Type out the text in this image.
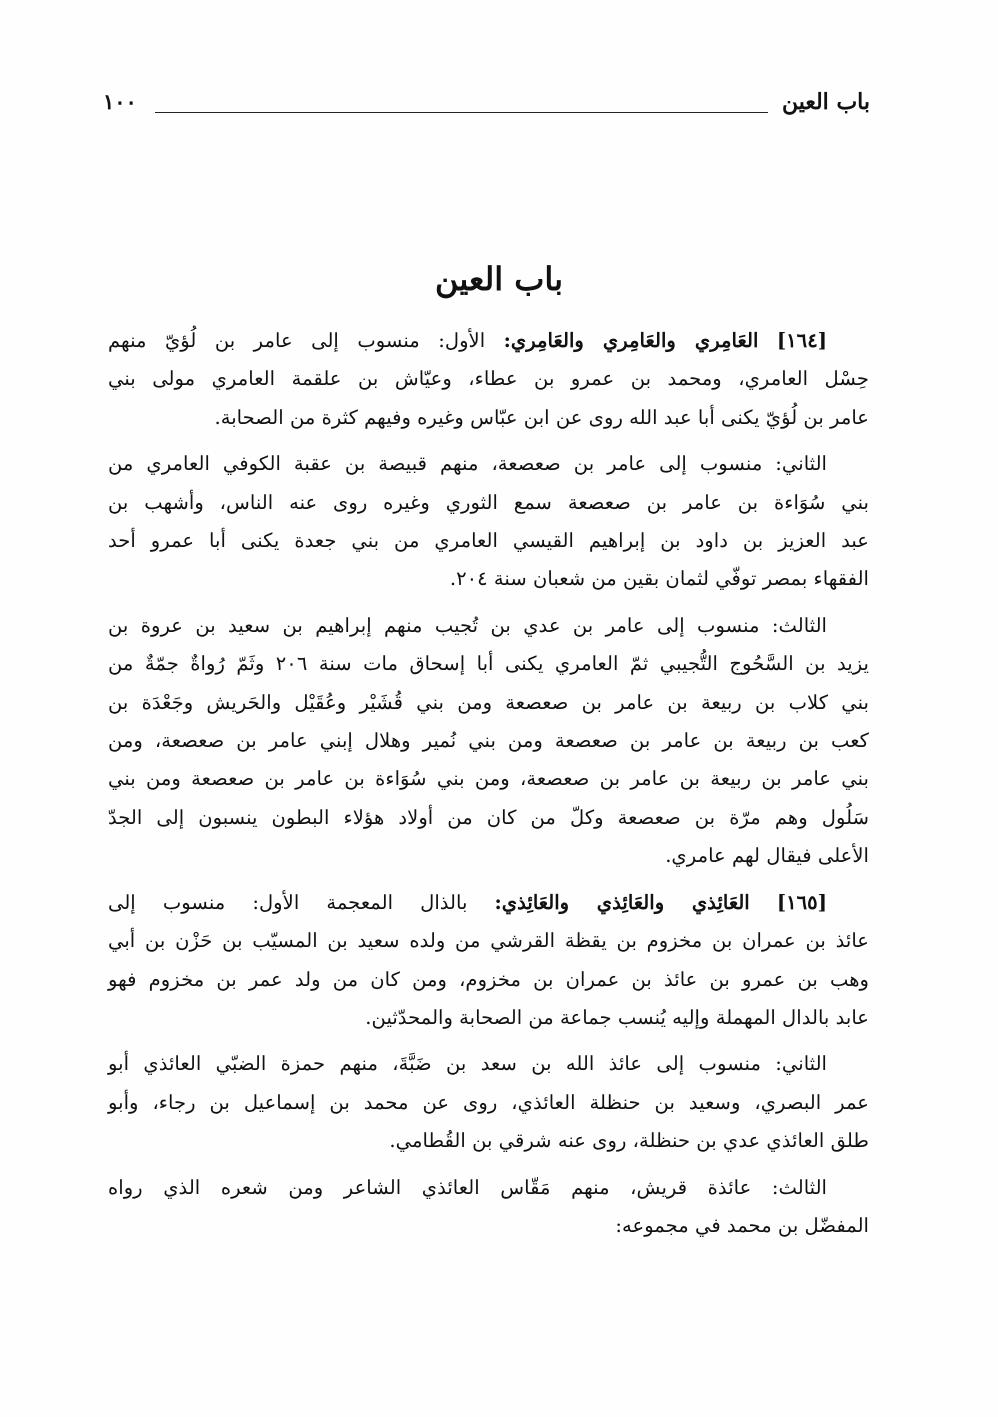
باب العين
١٠٠
باب العين

[١٦٤] العَامِري والعَامِري والعَامِري: الأول: منسوب إلى عامر بن لُؤيّ منهم
حِسْل العامري، ومحمد بن عمرو بن عطاء، وعيّاش بن علقمة العامري مولى بني
عامر بن لُؤيّ يكنى أبا عبد الله روى عن ابن عبّاس وغيره وفيهم كثرة من الصحابة.

الثاني: منسوب إلى عامر بن صعصعة، منهم قبيصة بن عقبة الكوفي العامري من
بني سُوَاءة بن عامر بن صعصعة سمع الثوري وغيره روى عنه الناس، وأشهب بن
عبد العزيز بن داود بن إبراهيم القيسي العامري من بني جعدة يكنى أبا عمرو أحد
الفقهاء بمصر توفّي لثمان بقين من شعبان سنة ٢٠٤.

الثالث: منسوب إلى عامر بن عدي بن تُجيب منهم إبراهيم بن سعيد بن عروة بن
يزيد بن السَّحُوج التُّجيبي ثمّ العامري يكنى أبا إسحاق مات سنة ٢٠٦ وثَمّ رُواةٌ جمّةٌ من
بني كلاب بن ربيعة بن عامر بن صعصعة ومن بني قُشَيْر وعُقَيْل والحَريش وجَعْدَة بن
كعب بن ربيعة بن عامر بن صعصعة ومن بني نُمير وهلال إبني عامر بن صعصعة، ومن
بني عامر بن ربيعة بن عامر بن صعصعة، ومن بني سُوَاءة بن عامر بن صعصعة ومن بني
سَلُول وهم مرّة بن صعصعة وكلّ من كان من أولاد هؤلاء البطون ينسبون إلى الجدّ
الأعلى فيقال لهم عامري.

[١٦٥] العَائِذي والعَائِذي والعَائِذي: بالذال المعجمة الأول: منسوب إلى
عائذ بن عمران بن مخزوم بن يقظة القرشي من ولده سعيد بن المسيّب بن حَزْن بن أبي
وهب بن عمرو بن عائذ بن عمران بن مخزوم، ومن كان من ولد عمر بن مخزوم فهو
عابد بالدال المهملة وإليه يُنسب جماعة من الصحابة والمحدّثين.

الثاني: منسوب إلى عائذ الله بن سعد بن ضَبَّةَ، منهم حمزة الضبّي العائذي أبو
عمر البصري، وسعيد بن حنظلة العائذي، روى عن محمد بن إسماعيل بن رجاء، وأبو
طلق العائذي عدي بن حنظلة، روى عنه شرقي بن القُطامي.

الثالث: عائذة قريش، منهم مَقّاس العائذي الشاعر ومن شعره الذي رواه
المفضّل بن محمد في مجموعه:
